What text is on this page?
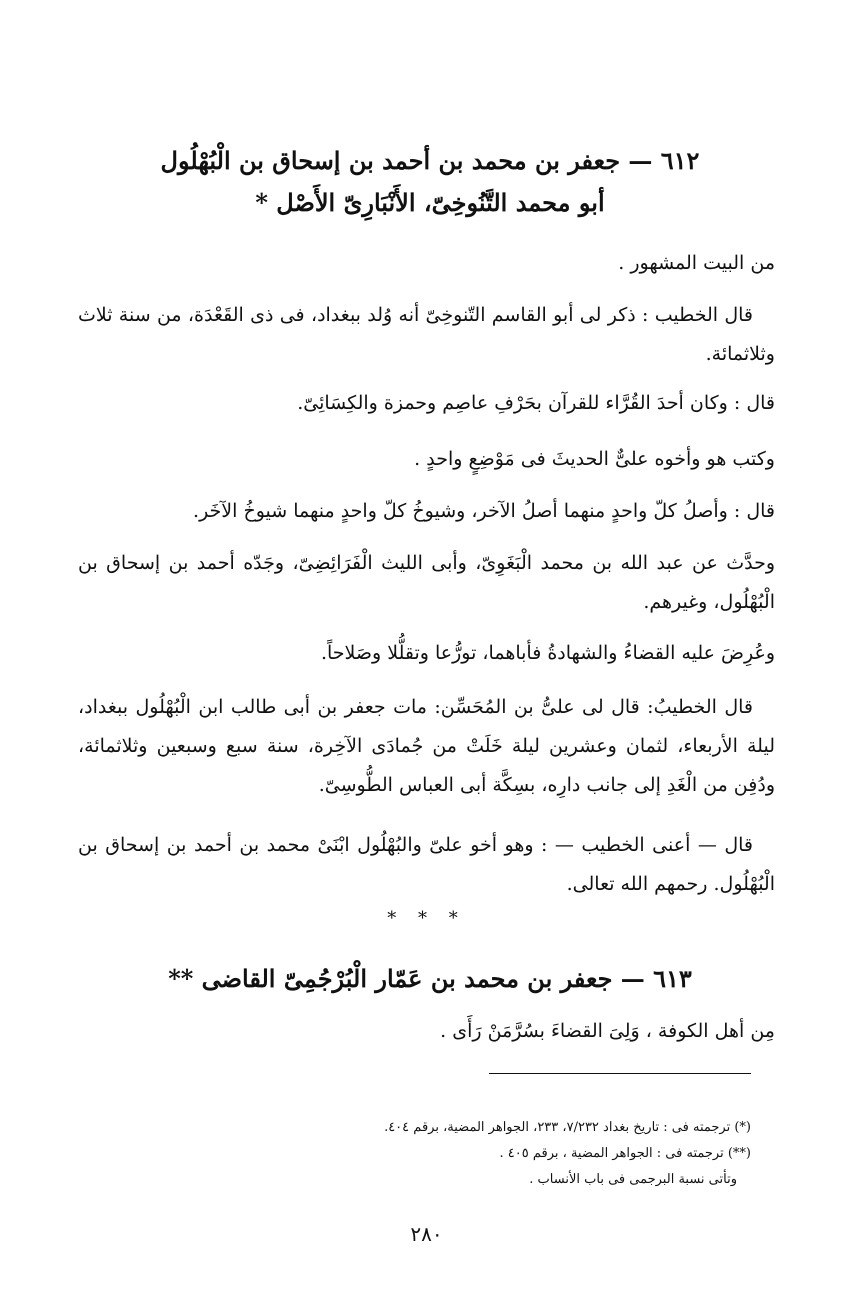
٦١٢ — جعفر بن محمد بن أحمد بن إسحاق بن الْبُهْلُول
أبو محمد التَّنُوخِىّ، الأَنْبَارِىّ الأَصْل *
من البيت المشهور .
قال الخطيب : ذكر لى أبو القاسم التّنوخِىّ أنه وُلد ببغداد، فى ذى القَعْدَة، من سنة ثلاث وثلاثمائة.
قال : وكان أحدَ القُرَّاء للقرآن بحَرْفِ عاصِم وحمزة والكِسَائِىّ.
وكتب هو وأخوه علىٌّ الحديثَ فى مَوْضِعٍ واحدٍ .
قال : وأصلُ كلّ واحدٍ منهما أصلُ الآخر، وشيوخُ كلّ واحدٍ منهما شيوخُ الآخَر.
وحدَّث عن عبد الله بن محمد الْبَغَوِىّ، وأبى الليث الْفَرَائِضِىّ، وجَدّه أحمد بن إسحاق بن الْبُهْلُول، وغيرهم.
وعُرِضَ عليه القضاءُ والشهادةُ فأباهما، تورُّعا وتقلُّلا وصَلاحاً.
قال الخطيبُ: قال لى علىُّ بن المُحَسِّن: مات جعفر بن أبى طالب ابن الْبُهْلُول ببغداد، ليلة الأربعاء، لثمان وعشرين ليلة خَلَتْ من جُمادَى الآخِرة، سنة سبع وسبعين وثلاثمائة، ودُفِن من الْغَدِ إلى جانب دارِه، بسِكَّة أبى العباس الطُّوسِىّ.
قال — أعنى الخطيب — : وهو أخو علىّ والبُهْلُول ابْنَىْ محمد بن أحمد بن إسحاق بن الْبُهْلُول. رحمهم الله تعالى.
* * *
٦١٣ — جعفر بن محمد بن عَمّار الْبُرْجُمِىّ القاضى **
مِن أهل الكوفة ، وَلِىَ القضاءَ بسُرَّمَنْ رَأَى .
(*) ترجمته فى : تاريخ بغداد ٧/٢٣٢، ٢٣٣، الجواهر المضية، برقم ٤٠٤.
(**) ترجمته فى : الجواهر المضية ، برقم ٤٠٥ .
وتأتى نسبة البرجمى فى باب الأنساب .
٢٨٠
